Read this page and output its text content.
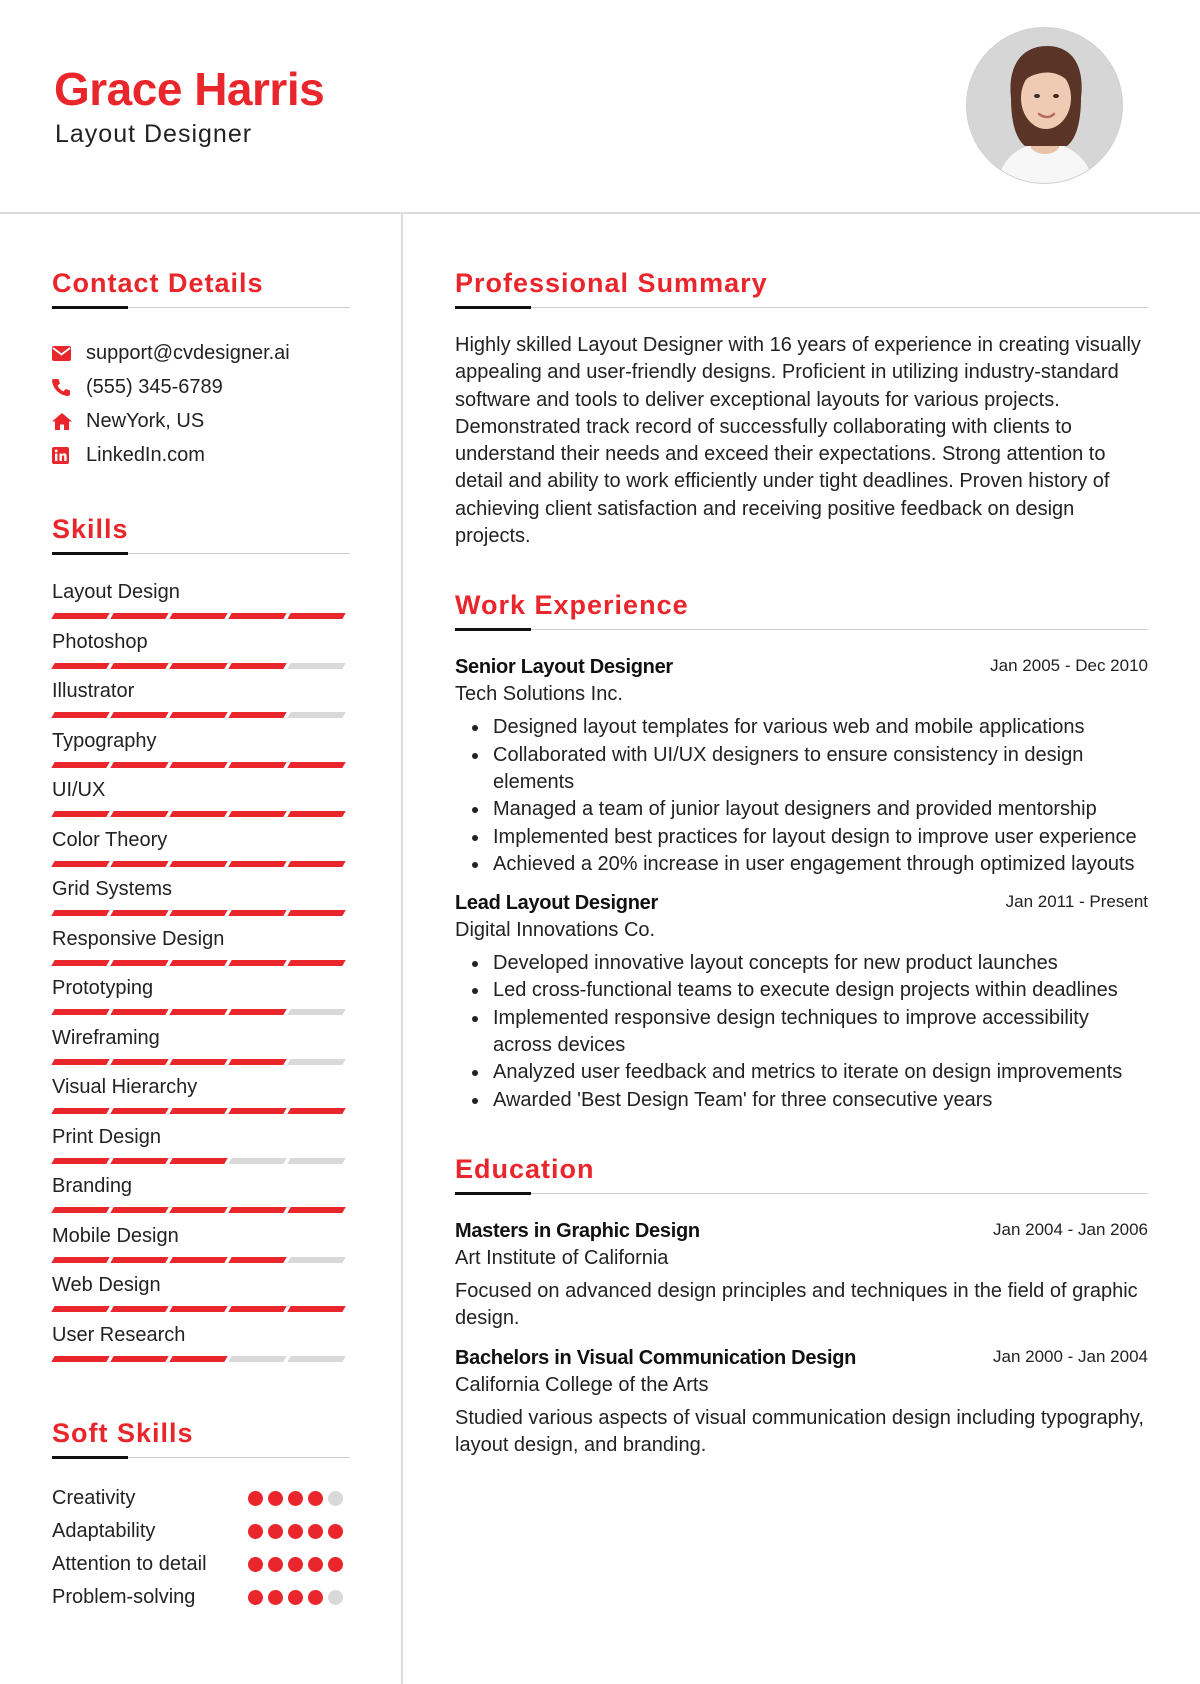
Grace Harris
Layout Designer
Contact Details
support@cvdesigner.ai
(555) 345-6789
NewYork, US
LinkedIn.com
Skills
Layout Design
Photoshop
Illustrator
Typography
UI/UX
Color Theory
Grid Systems
Responsive Design
Prototyping
Wireframing
Visual Hierarchy
Print Design
Branding
Mobile Design
Web Design
User Research
Soft Skills
Creativity
Adaptability
Attention to detail
Problem-solving
Professional Summary

Highly skilled Layout Designer with 16 years of experience in creating visually appealing and user-friendly designs. Proficient in utilizing industry-standard software and tools to deliver exceptional layouts for various projects. Demonstrated track record of successfully collaborating with clients to understand their needs and exceed their expectations. Strong attention to detail and ability to work efficiently under tight deadlines. Proven history of achieving client satisfaction and receiving positive feedback on design projects.

Work Experience
Senior Layout Designer	Jan 2005 - Dec 2010
Tech Solutions Inc.
Designed layout templates for various web and mobile applications
Collaborated with UI/UX designers to ensure consistency in design elements
Managed a team of junior layout designers and provided mentorship
Implemented best practices for layout design to improve user experience
Achieved a 20% increase in user engagement through optimized layouts
Lead Layout Designer	Jan 2011 - Present
Digital Innovations Co.
Developed innovative layout concepts for new product launches
Led cross-functional teams to execute design projects within deadlines
Implemented responsive design techniques to improve accessibility across devices
Analyzed user feedback and metrics to iterate on design improvements
Awarded 'Best Design Team' for three consecutive years
Education
Masters in Graphic Design	Jan 2004 - Jan 2006
Art Institute of California

Focused on advanced design principles and techniques in the field of graphic design.

Bachelors in Visual Communication Design	Jan 2000 - Jan 2004
California College of the Arts

Studied various aspects of visual communication design including typography, layout design, and branding.
